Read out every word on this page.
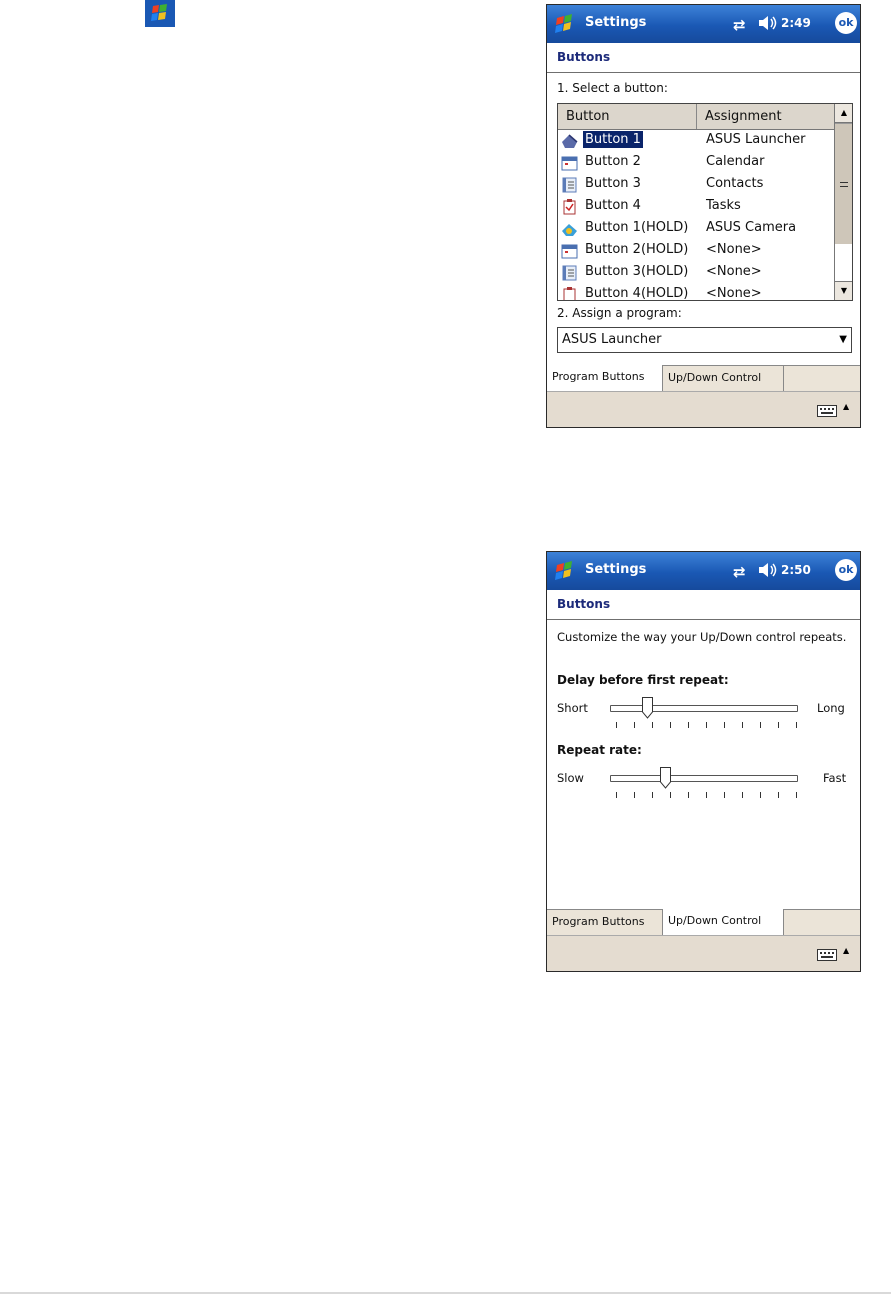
Settings	⇄	2:49	ok
Buttons
1. Select a button:
Button	Assignment
Button 1	ASUS Launcher
Button 2	Calendar
Button 3	Contacts
Button 4	Tasks
Button 1(HOLD) ASUS Camera
Button 2(HOLD) <None>
Button 3(HOLD) <None>
Button 4(HOLD) <None>
▲
▼
2. Assign a program:
ASUS Launcher	▼
Program Buttons Up/Down Control
▲
Settings	⇄	2:50	ok
Buttons
Customize the way your Up/Down control repeats.
Delay before first repeat:
Short	Long
Repeat rate:
Slow	Fast
Program Buttons Up/Down Control
▲
